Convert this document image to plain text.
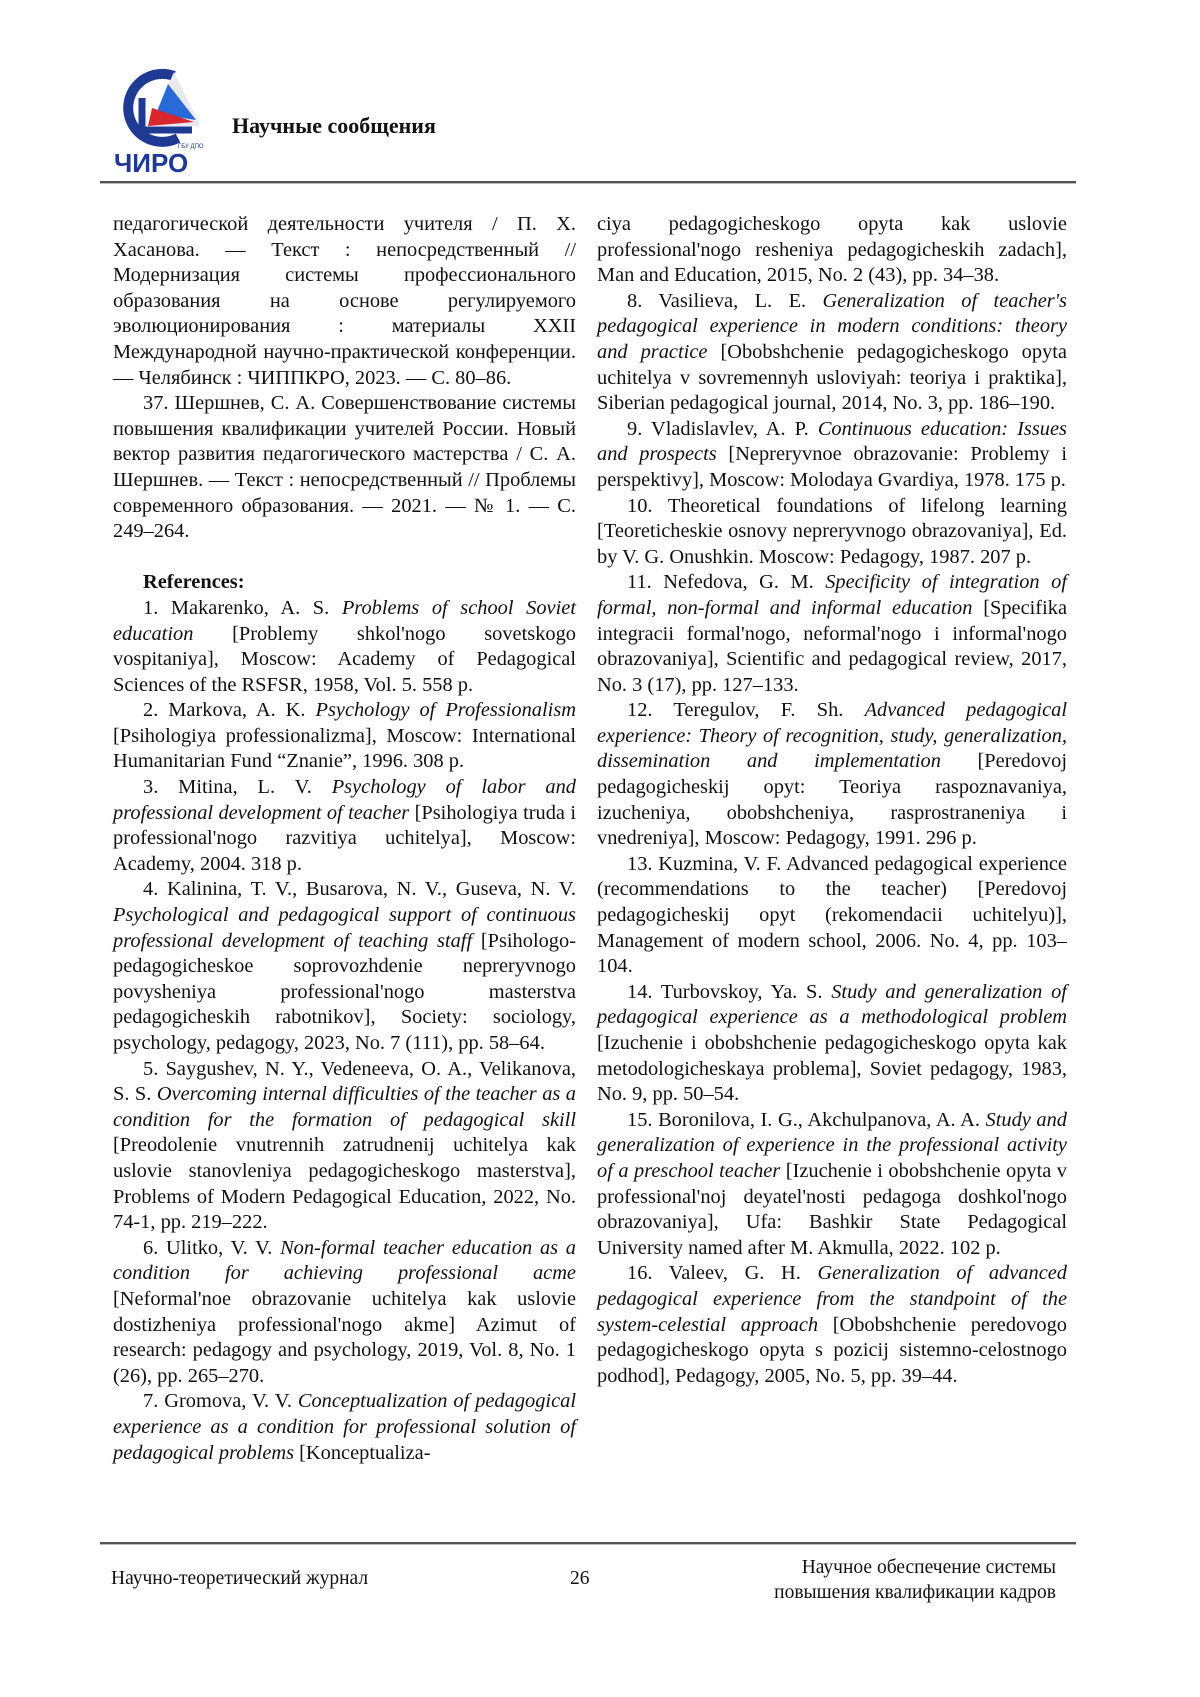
ГБУ ДПО
ЧИРО
Научные сообщения

педагогической деятельности учителя / П. Х. Хасанова. — Текст : непосредственный // Модернизация системы профессионального образования на основе регулируемого эволюционирования : материалы XXII Международной научно-практической конференции. — Челябинск : ЧИППКРО, 2023. — С. 80–86.

37. Шершнев, С. А. Совершенствование системы повышения квалификации учителей России. Новый вектор развития педагогического мастерства / С. А. Шершнев. — Текст : непосредственный // Проблемы современного образования. — 2021. — № 1. — С. 249–264.

References:

1. Makarenko, A. S. Problems of school Soviet education [Problemy shkol'nogo sovetskogo vospitaniya], Moscow: Academy of Pedagogical Sciences of the RSFSR, 1958, Vol. 5. 558 p.

2. Markova, A. K. Psychology of Professionalism [Psihologiya professionalizma], Moscow: International Humanitarian Fund “Znanie”, 1996. 308 p.

3. Mitina, L. V. Psychology of labor and professional development of teacher [Psihologiya truda i professional'nogo razvitiya uchitelya], Moscow: Academy, 2004. 318 p.

4. Kalinina, T. V., Busarova, N. V., Guseva, N. V. Psychological and pedagogical support of continuous professional development of teaching staff [Psihologo-pedagogicheskoe soprovozhdenie nepreryvnogo povysheniya professional'nogo masterstva pedagogicheskih rabotnikov], Society: sociology, psychology, pedagogy, 2023, No. 7 (111), pp. 58–64.

5. Saygushev, N. Y., Vedeneeva, O. A., Velikanova, S. S. Overcoming internal difficulties of the teacher as a condition for the formation of pedagogical skill [Preodolenie vnutrennih zatrudnenij uchitelya kak uslovie stanovleniya pedagogicheskogo masterstva], Problems of Modern Pedagogical Education, 2022, No. 74-1, pp. 219–222.

6. Ulitko, V. V. Non-formal teacher education as a condition for achieving professional acme [Neformal'noe obrazovanie uchitelya kak uslovie dostizheniya professional'nogo akme] Azimut of research: pedagogy and psychology, 2019, Vol. 8, No. 1 (26), pp. 265–270.

7. Gromova, V. V. Conceptualization of pedagogical experience as a condition for professional solution of pedagogical problems [Konceptualiza-

ciya pedagogicheskogo opyta kak uslovie professional'nogo resheniya pedagogicheskih zadach], Man and Education, 2015, No. 2 (43), pp. 34–38.

8. Vasilieva, L. E. Generalization of teacher's pedagogical experience in modern conditions: theory and practice [Obobshchenie pedagogicheskogo opyta uchitelya v sovremennyh usloviyah: teoriya i praktika], Siberian pedagogical journal, 2014, No. 3, pp. 186–190.

9. Vladislavlev, A. P. Continuous education: Issues and prospects [Nepreryvnoe obrazovanie: Problemy i perspektivy], Moscow: Molodaya Gvardiya, 1978. 175 p.

10. Theoretical foundations of lifelong learning [Teoreticheskie osnovy nepreryvnogo obrazovaniya], Ed. by V. G. Onushkin. Moscow: Pedagogy, 1987. 207 p.

11. Nefedova, G. M. Specificity of integration of formal, non-formal and informal education [Specifika integracii formal'nogo, neformal'nogo i informal'nogo obrazovaniya], Scientific and pedagogical review, 2017, No. 3 (17), pp. 127–133.

12. Teregulov, F. Sh. Advanced pedagogical experience: Theory of recognition, study, generalization, dissemination and implementation [Peredovoj pedagogicheskij opyt: Teoriya raspoznavaniya, izucheniya, obobshcheniya, rasprostraneniya i vnedreniya], Moscow: Pedagogy, 1991. 296 p.

13. Kuzmina, V. F. Advanced pedagogical experience (recommendations to the teacher) [Peredovoj pedagogicheskij opyt (rekomendacii uchitelyu)], Management of modern school, 2006. No. 4, pp. 103–104.

14. Turbovskoy, Ya. S. Study and generalization of pedagogical experience as a methodological problem [Izuchenie i obobshchenie pedagogicheskogo opyta kak metodologicheskaya problema], Soviet pedagogy, 1983, No. 9, pp. 50–54.

15. Boronilova, I. G., Akchulpanova, A. A. Study and generalization of experience in the professional activity of a preschool teacher [Izuchenie i obobshchenie opyta v professional'noj deyatel'nosti pedagoga doshkol'nogo obrazovaniya], Ufa: Bashkir State Pedagogical University named after M. Akmulla, 2022. 102 p.

16. Valeev, G. H. Generalization of advanced pedagogical experience from the standpoint of the system-celestial approach [Obobshchenie peredovogo pedagogicheskogo opyta s pozicij sistemno-celostnogo podhod], Pedagogy, 2005, No. 5, pp. 39–44.

Научно-теоретический журнал	26
Научное обеспечение системы
повышения квалификации кадров
